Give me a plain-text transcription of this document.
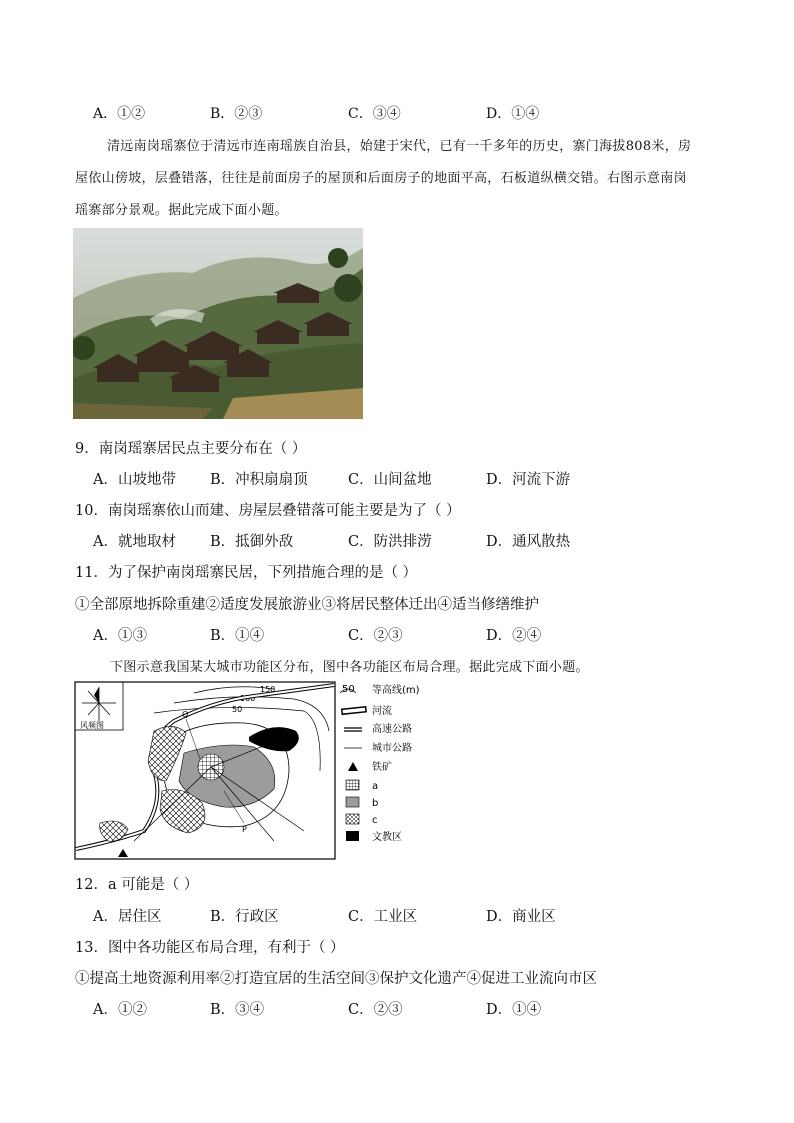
A．①②	B．②③	C．③④	D．①④
清远南岗瑶寨位于清远市连南瑶族自治县，始建于宋代，已有一千多年的历史，寨门海拔808米，房
屋依山傍坡，层叠错落，往往是前面房子的屋顶和后面房子的地面平高，石板道纵横交错。右图示意南岗
瑶寨部分景观。据此完成下面小题。
9．南岗瑶寨居民点主要分布在（ ）
A．山坡地带 B．冲积扇扇顶	C．山间盆地	D．河流下游
10．南岗瑶寨依山而建、房屋层叠错落可能主要是为了（ ）
A．就地取材 B．抵御外敌	C．防洪排涝	D．通风散热
11．为了保护南岗瑶寨民居，下列措施合理的是（ ）
①全部原地拆除重建②适度发展旅游业③将居民整体迁出④适当修缮维护
A．①③	B．①④	C．②③	D．②④
下图示意我国某大城市功能区分布，图中各功能区布局合理。据此完成下面小题。
风频图
150
100
50
Q
P
50 等高线(m)
河流
高速公路
城市公路
铁矿
a
b
c
文教区
12．a 可能是（ ）
A．居住区	B．行政区	C．工业区	D．商业区
13．图中各功能区布局合理，有利于（ ）
①提高土地资源利用率②打造宜居的生活空间③保护文化遗产④促进工业流向市区
A．①②	B．③④	C．②③	D．①④
